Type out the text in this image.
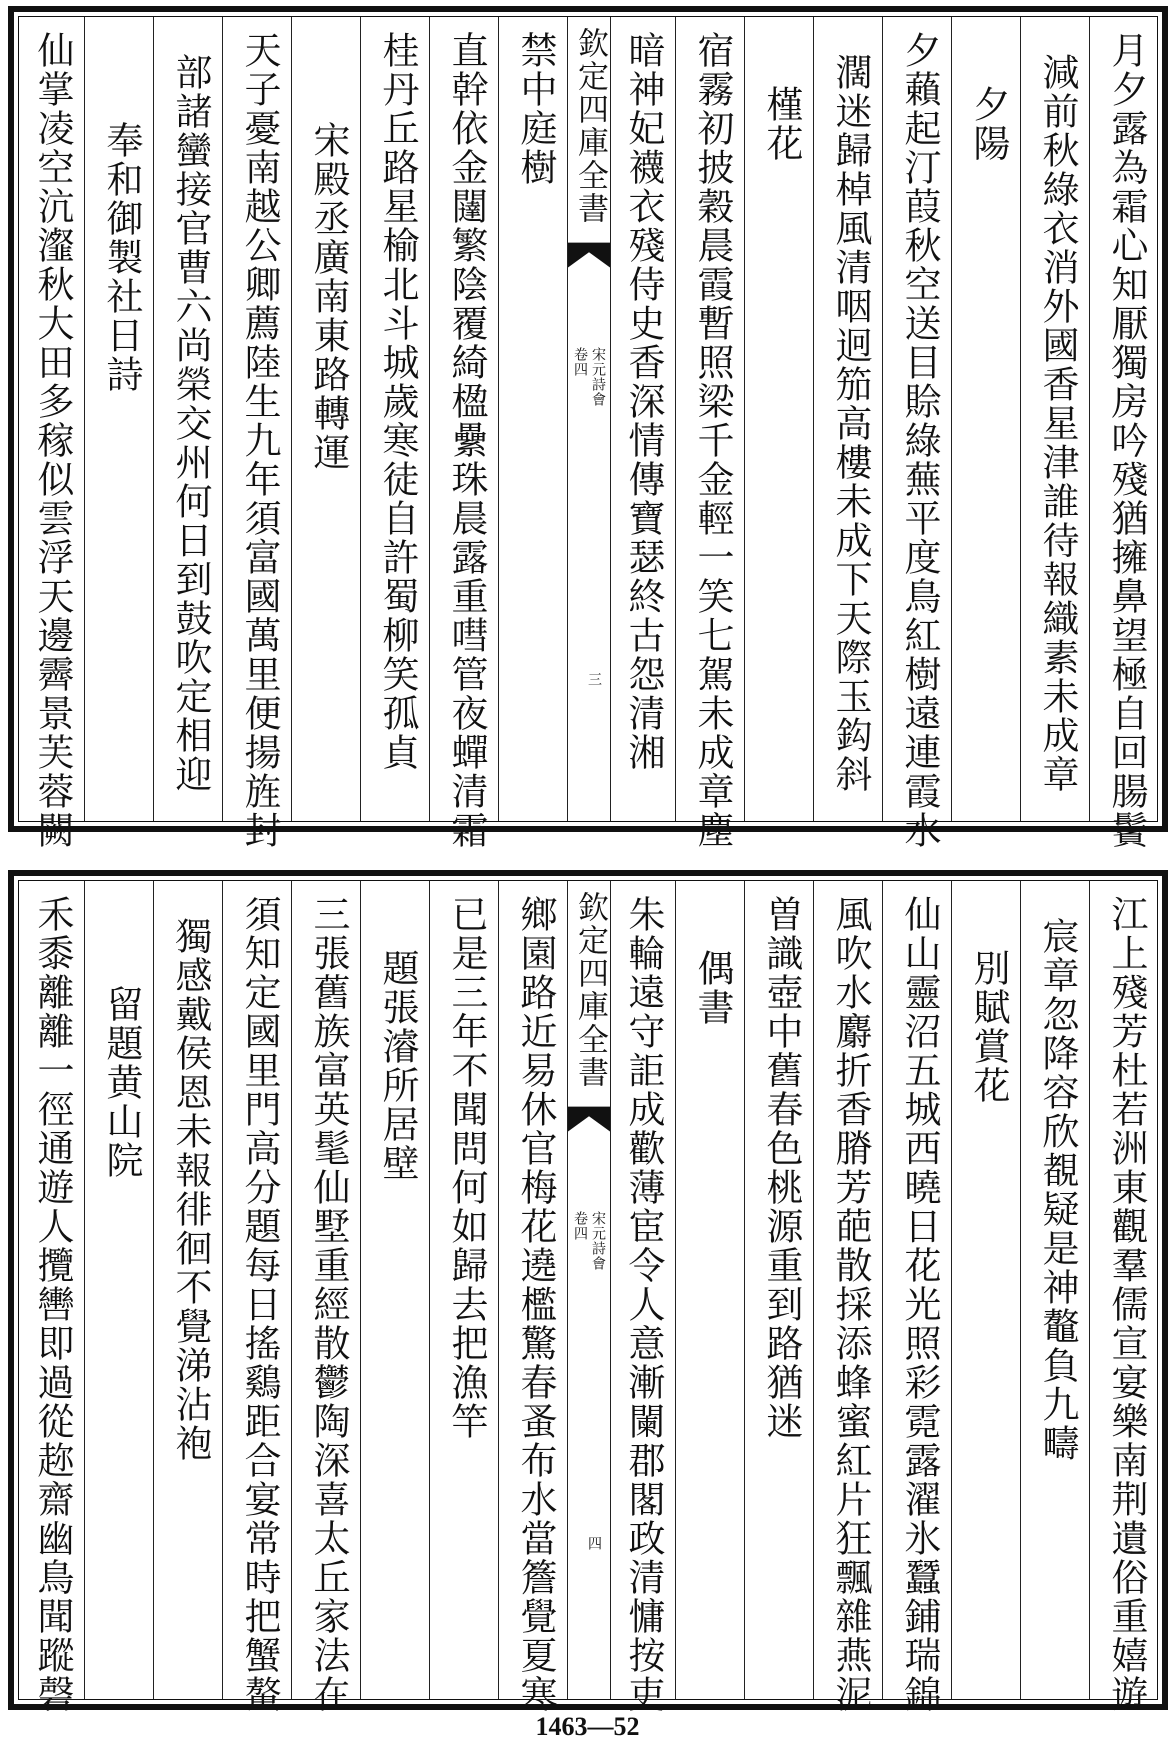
月夕露為霜心知厭獨房吟殘猶擁鼻望極自回腸鬢
減前秋綠衣消外國香星津誰待報織素未成章
夕陽
夕藾起汀葭秋空送目賒綠蕪平度鳥紅樹遠連霞水
濶迷歸棹風清咽迥笳高樓未成下天際玉鈎斜
槿花
宿霧初披穀晨霞暫照梁千金輕一笑七駕未成章塵
暗神妃襪衣殘侍史香深情傳寶瑟終古怨清湘
欽定四庫全書
宋元詩會
卷四
三
禁中庭樹
直幹依金闥繁陰覆綺楹纍珠晨露重嘒管夜蟬清霜
桂丹丘路星榆北斗城歲寒徒自許蜀柳笑孤貞
宋殿丞廣南東路轉運
天子憂南越公卿薦陸生九年須富國萬里便揚旌封
部諸蠻接官曹六尚榮交州何日到鼓吹定相迎
奉和御製社日詩
仙掌凌空沆瀣秋大田多稼似雲浮天邊霽景芙蓉闕
江上殘芳杜若洲東觀羣儒宣宴樂南荆遺俗重嬉遊
宸章忽降容欣覩疑是神鼇負九疇
別賦賞花
仙山靈沼五城西曉日花光照彩霓露濯氷蠶鋪瑞錦
風吹水麝折香膌芳葩散採添蜂蜜紅片狂飄雜燕泥
曽識壺中舊春色桃源重到路猶迷
偶書
朱輪遠守詎成歡薄宦令人意漸闌郡閣政清慵按吏
欽定四庫全書
宋元詩會
卷四
四
鄉園路近易休官梅花遶檻驚春蚤布水當簷覺夏寒
已是三年不聞問何如歸去把漁竿
題張濬所居壁
三張舊族富英髦仙墅重經散鬱陶深喜太丘家法在
須知定國里門高分題每日搖鷄距合宴常時把蟹螯
獨感戴侯恩未報徘徊不覺涕沾袍
留題黄山院
禾黍離離一徑通遊人攬轡即過從趂齋幽鳥聞蹤磬
1463—52
